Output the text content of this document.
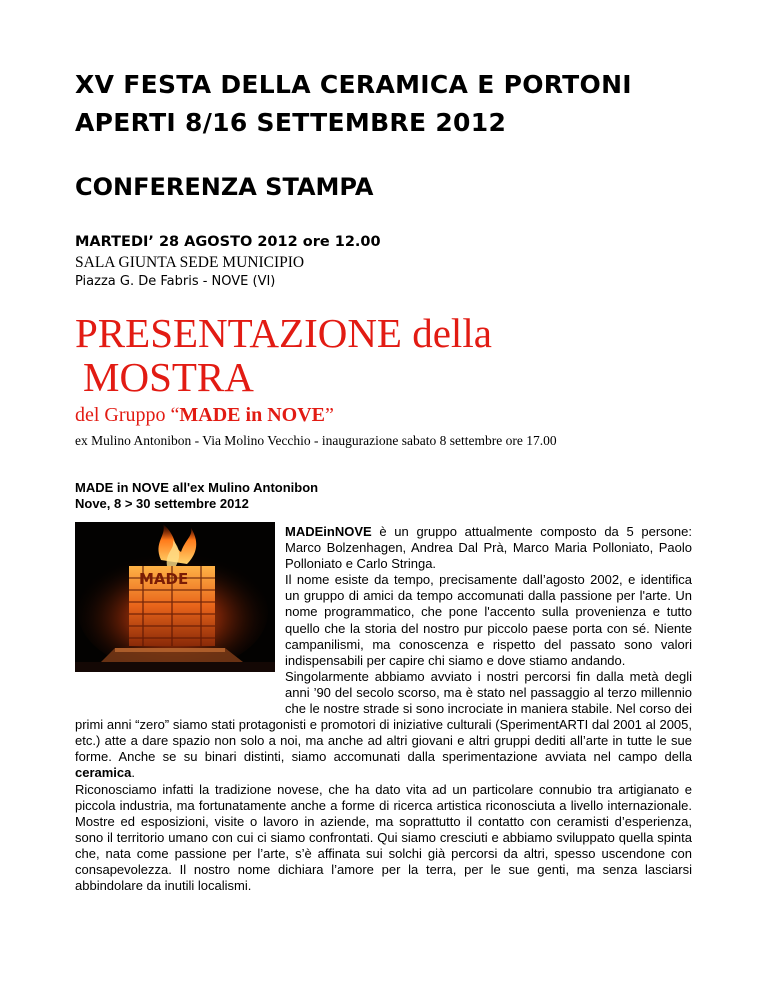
XV FESTA DELLA CERAMICA E PORTONI
APERTI 8/16 SETTEMBRE 2012
CONFERENZA STAMPA
MARTEDI’ 28 AGOSTO 2012 ore 12.00
SALA GIUNTA SEDE MUNICIPIO
Piazza G. De Fabris - NOVE (VI)
PRESENTAZIONE della
MOSTRA
del Gruppo “MADE in NOVE”
ex Mulino Antonibon - Via Molino Vecchio - inaugurazione sabato 8 settembre ore 17.00
MADE in NOVE all'ex Mulino Antonibon
Nove, 8 > 30 settembre 2012
MADE

MADEinNOVE è un gruppo attualmente composto da 5 persone: Marco Bolzenhagen, Andrea Dal Prà, Marco Maria Polloniato, Paolo Polloniato e Carlo Stringa.

Il nome esiste da tempo, precisamente dall’agosto 2002, e identifica un gruppo di amici da tempo accomunati dalla passione per l'arte. Un nome programmatico, che pone l'accento sulla provenienza e tutto quello che la storia del nostro pur piccolo paese porta con sé. Niente campanilismi, ma conoscenza e rispetto del passato sono valori indispensabili per capire chi siamo e dove stiamo andando.

Singolarmente abbiamo avviato i nostri percorsi fin dalla metà degli anni ’90 del secolo scorso, ma è stato nel passaggio al terzo millennio che le nostre strade si sono incrociate in maniera stabile. Nel corso dei primi anni “zero” siamo stati protagonisti e promotori di iniziative culturali (SperimentARTI dal 2001 al 2005, etc.) atte a dare spazio non solo a noi, ma anche ad altri giovani e altri gruppi dediti all’arte in tutte le sue forme. Anche se su binari distinti, siamo accomunati dalla sperimentazione avviata nel campo della ceramica.

Riconosciamo infatti la tradizione novese, che ha dato vita ad un particolare connubio tra artigianato e piccola industria, ma fortunatamente anche a forme di ricerca artistica riconosciuta a livello internazionale. Mostre ed esposizioni, visite o lavoro in aziende, ma soprattutto il contatto con ceramisti d’esperienza, sono il territorio umano con cui ci siamo confrontati. Qui siamo cresciuti e abbiamo sviluppato quella spinta che, nata come passione per l’arte, s’è affinata sui solchi già percorsi da altri, spesso uscendone con consapevolezza. Il nostro nome dichiara l’amore per la terra, per le sue genti, ma senza lasciarsi abbindolare da inutili localismi.
